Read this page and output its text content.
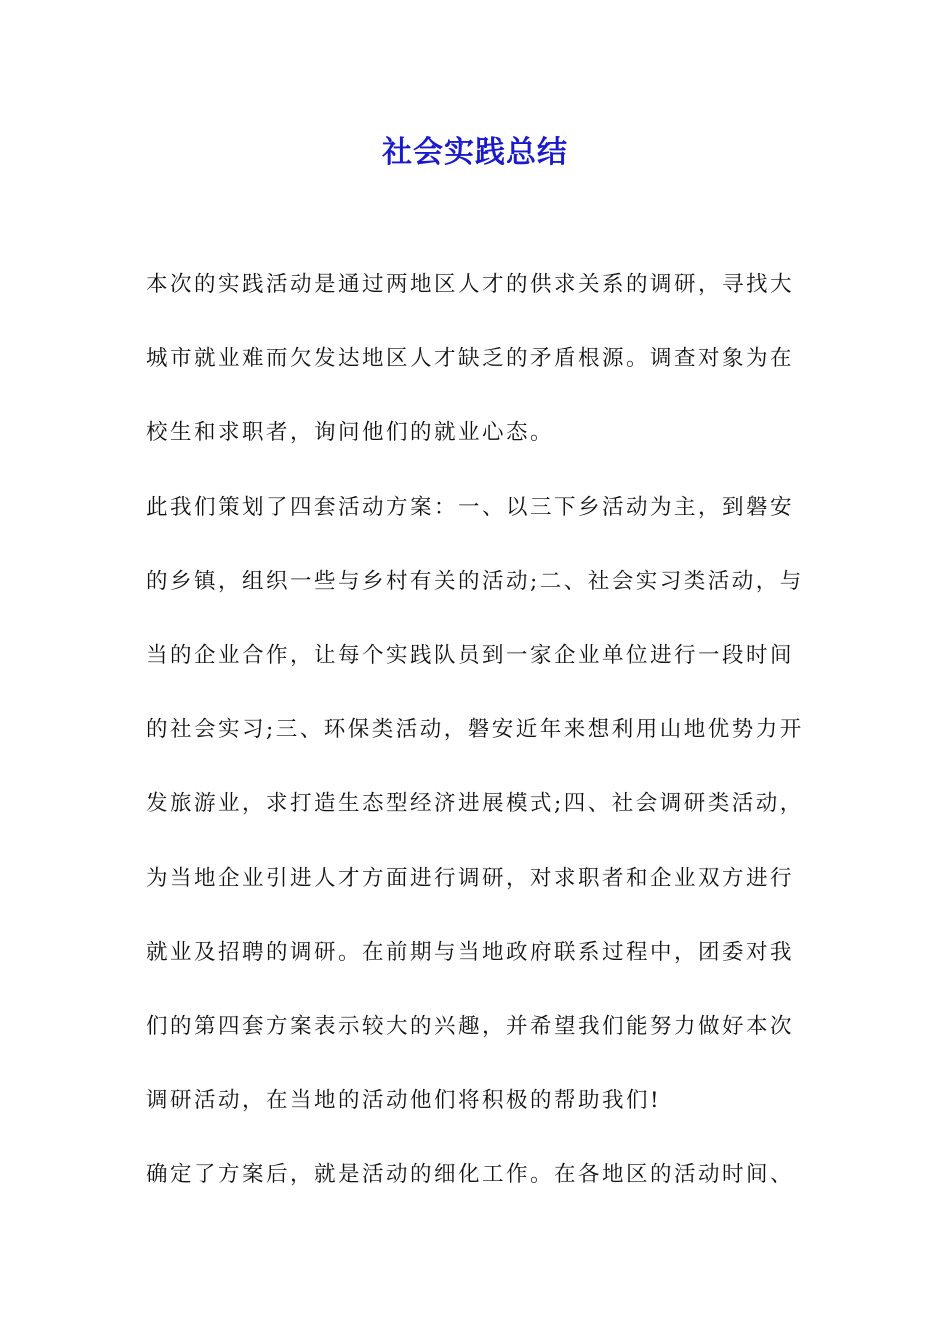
社会实践总结
本次的实践活动是通过两地区人才的供求关系的调研，寻找大
城市就业难而欠发达地区人才缺乏的矛盾根源。调查对象为在
校生和求职者，询问他们的就业心态。
此我们策划了四套活动方案：一、以三下乡活动为主，到磐安
的乡镇，组织一些与乡村有关的活动;二、社会实习类活动，与
当的企业合作，让每个实践队员到一家企业单位进行一段时间
的社会实习;三、环保类活动，磐安近年来想利用山地优势力开
发旅游业，求打造生态型经济进展模式;四、社会调研类活动，
为当地企业引进人才方面进行调研，对求职者和企业双方进行
就业及招聘的调研。在前期与当地政府联系过程中，团委对我
们的第四套方案表示较大的兴趣，并希望我们能努力做好本次
调研活动，在当地的活动他们将积极的帮助我们!
确定了方案后，就是活动的细化工作。在各地区的活动时间、
